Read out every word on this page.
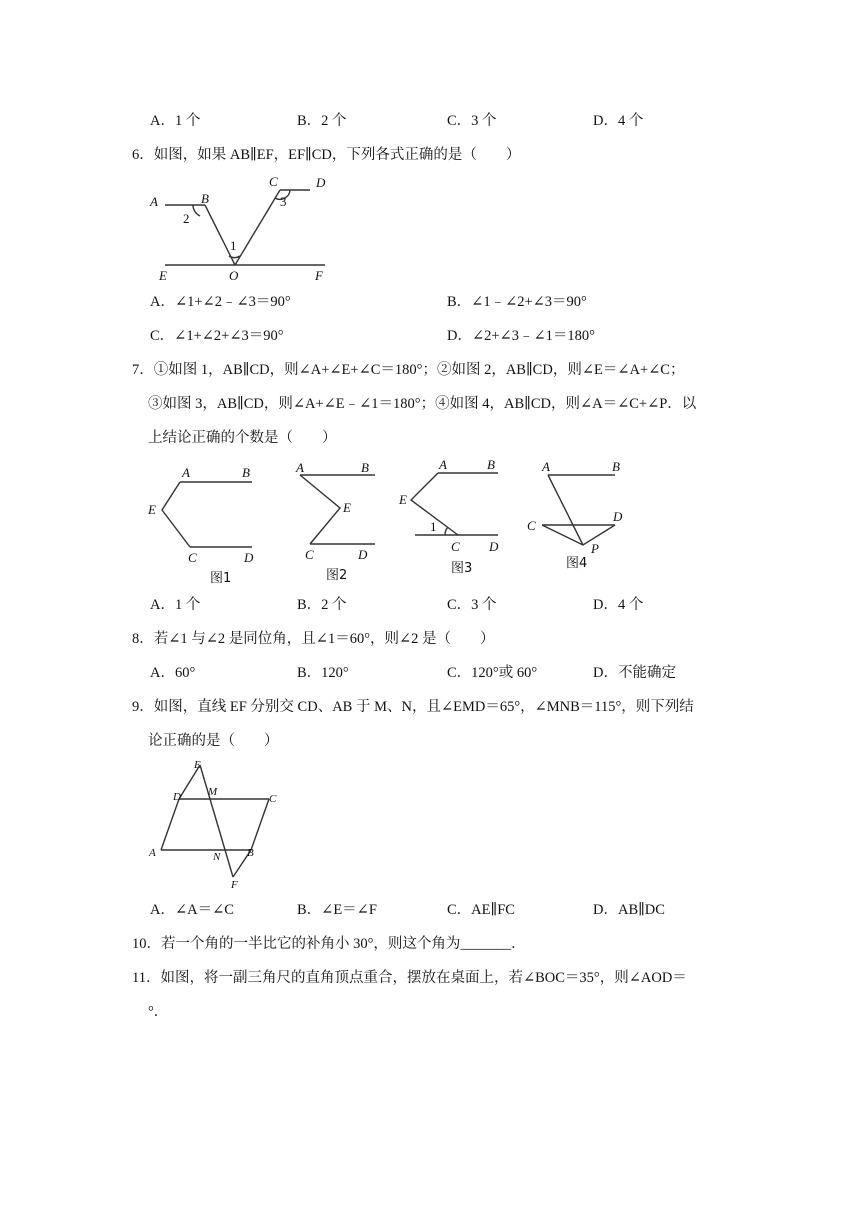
A．1 个	B．2 个	C．3 个	D．4 个
6．如图，如果 AB∥EF，EF∥CD，下列各式正确的是（　　）
A	B
C	D
E	O	F
1
2
3
A．∠1+∠2﹣∠3＝90°	B．∠1﹣∠2+∠3＝90°
C．∠1+∠2+∠3＝90°	D．∠2+∠3﹣∠1＝180°
7．①如图 1，AB∥CD，则∠A+∠E+∠C＝180°；②如图 2，AB∥CD，则∠E＝∠A+∠C；
③如图 3，AB∥CD，则∠A+∠E﹣∠1＝180°；④如图 4，AB∥CD，则∠A＝∠C+∠P．以
上结论正确的个数是（　　）
A	B
E
C	D
图1
A	B
E
C	D
图2
A	B
E
1
C D
图3
A	B
C
D
P
图4
A．1 个	B．2 个	C．3 个	D．4 个
8．若∠1 与∠2 是同位角，且∠1＝60°，则∠2 是（　　）
A．60°	B．120°	C．120°或 60°	D．不能确定
9．如图，直线 EF 分别交 CD、AB 于 M、N，且∠EMD＝65°，∠MNB＝115°，则下列结
论正确的是（　　）
E
D M
C
A	N B
F
A．∠A＝∠C	B．∠E＝∠F	C．AE∥FC	D．AB∥DC
10．若一个角的一半比它的补角小 30°，则这个角为_______．
11．如图，将一副三角尺的直角顶点重合，摆放在桌面上，若∠BOC＝35°，则∠AOD＝
°．
